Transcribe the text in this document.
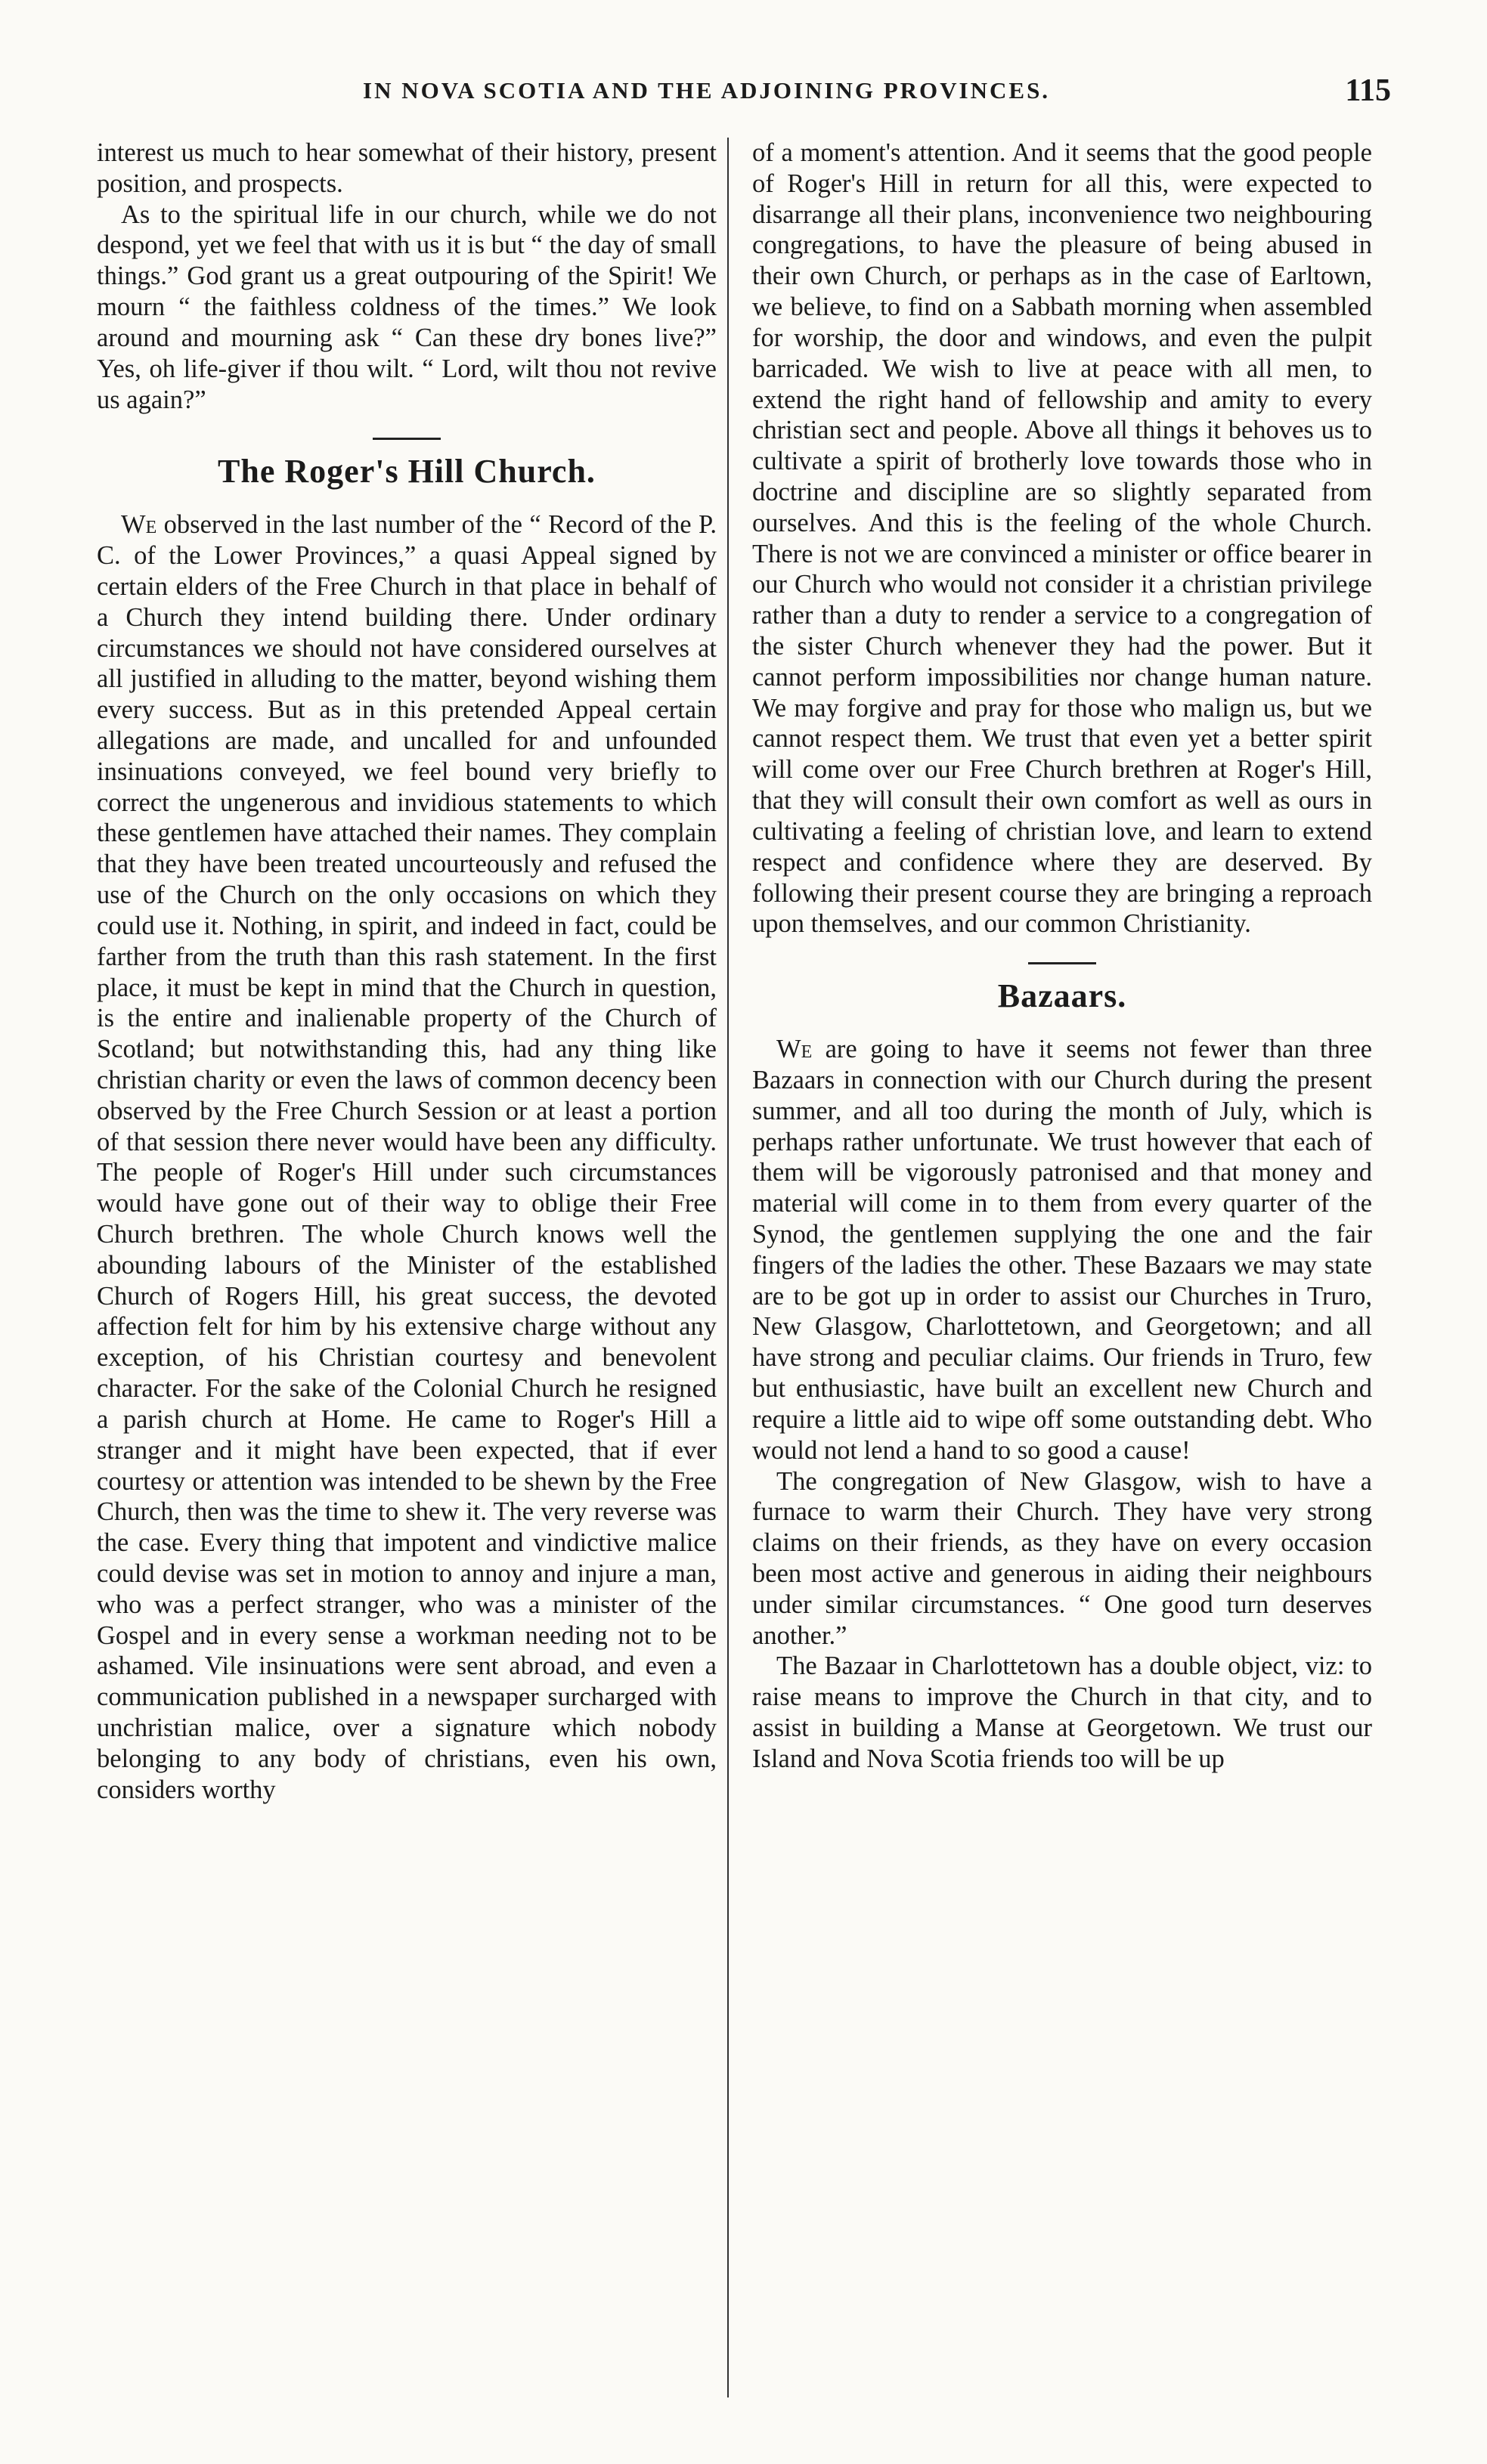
IN NOVA SCOTIA AND THE ADJOINING PROVINCES.	115

interest us much to hear somewhat of their history, present position, and prospects.

As to the spiritual life in our church, while we do not despond, yet we feel that with us it is but “ the day of small things.” God grant us a great outpouring of the Spirit! We mourn “ the faithless coldness of the times.” We look around and mourning ask “ Can these dry bones live?” Yes, oh life-giver if thou wilt. “ Lord, wilt thou not revive us again?”

The Roger's Hill Church.

We observed in the last number of the “ Record of the P. C. of the Lower Provinces,” a quasi Appeal signed by certain elders of the Free Church in that place in behalf of a Church they intend building there. Under ordinary circumstances we should not have considered ourselves at all justified in alluding to the matter, beyond wishing them every success. But as in this pretended Appeal certain allegations are made, and uncalled for and unfounded insinuations conveyed, we feel bound very briefly to correct the ungenerous and invidious statements to which these gentlemen have attached their names. They complain that they have been treated uncourteously and refused the use of the Church on the only occasions on which they could use it. Nothing, in spirit, and indeed in fact, could be farther from the truth than this rash statement. In the first place, it must be kept in mind that the Church in question, is the entire and inalienable property of the Church of Scotland; but notwithstanding this, had any thing like christian charity or even the laws of common decency been observed by the Free Church Session or at least a portion of that session there never would have been any difficulty. The people of Roger's Hill under such circumstances would have gone out of their way to oblige their Free Church brethren. The whole Church knows well the abounding labours of the Minister of the established Church of Rogers Hill, his great success, the devoted affection felt for him by his extensive charge without any exception, of his Christian courtesy and benevolent character. For the sake of the Colonial Church he resigned a parish church at Home. He came to Roger's Hill a stranger and it might have been expected, that if ever courtesy or attention was intended to be shewn by the Free Church, then was the time to shew it. The very reverse was the case. Every thing that impotent and vindictive malice could devise was set in motion to annoy and injure a man, who was a perfect stranger, who was a minister of the Gospel and in every sense a workman needing not to be ashamed. Vile insinuations were sent abroad, and even a communication published in a newspaper surcharged with unchristian malice, over a signature which nobody belonging to any body of christians, even his own, considers worthy

of a moment's attention. And it seems that the good people of Roger's Hill in return for all this, were expected to disarrange all their plans, inconvenience two neighbouring congregations, to have the pleasure of being abused in their own Church, or perhaps as in the case of Earltown, we believe, to find on a Sabbath morning when assembled for worship, the door and windows, and even the pulpit barricaded. We wish to live at peace with all men, to extend the right hand of fellowship and amity to every christian sect and people. Above all things it behoves us to cultivate a spirit of brotherly love towards those who in doctrine and discipline are so slightly separated from ourselves. And this is the feeling of the whole Church. There is not we are convinced a minister or office bearer in our Church who would not consider it a christian privilege rather than a duty to render a service to a congregation of the sister Church whenever they had the power. But it cannot perform impossibilities nor change human nature. We may forgive and pray for those who malign us, but we cannot respect them. We trust that even yet a better spirit will come over our Free Church brethren at Roger's Hill, that they will consult their own comfort as well as ours in cultivating a feeling of christian love, and learn to extend respect and confidence where they are deserved. By following their present course they are bringing a reproach upon themselves, and our common Christianity.

Bazaars.

We are going to have it seems not fewer than three Bazaars in connection with our Church during the present summer, and all too during the month of July, which is perhaps rather unfortunate. We trust however that each of them will be vigorously patronised and that money and material will come in to them from every quarter of the Synod, the gentlemen supplying the one and the fair fingers of the ladies the other. These Bazaars we may state are to be got up in order to assist our Churches in Truro, New Glasgow, Charlottetown, and Georgetown; and all have strong and peculiar claims. Our friends in Truro, few but enthusiastic, have built an excellent new Church and require a little aid to wipe off some outstanding debt. Who would not lend a hand to so good a cause!

The congregation of New Glasgow, wish to have a furnace to warm their Church. They have very strong claims on their friends, as they have on every occasion been most active and generous in aiding their neighbours under similar circumstances. “ One good turn deserves another.”

The Bazaar in Charlottetown has a double object, viz: to raise means to improve the Church in that city, and to assist in building a Manse at Georgetown. We trust our Island and Nova Scotia friends too will be up
